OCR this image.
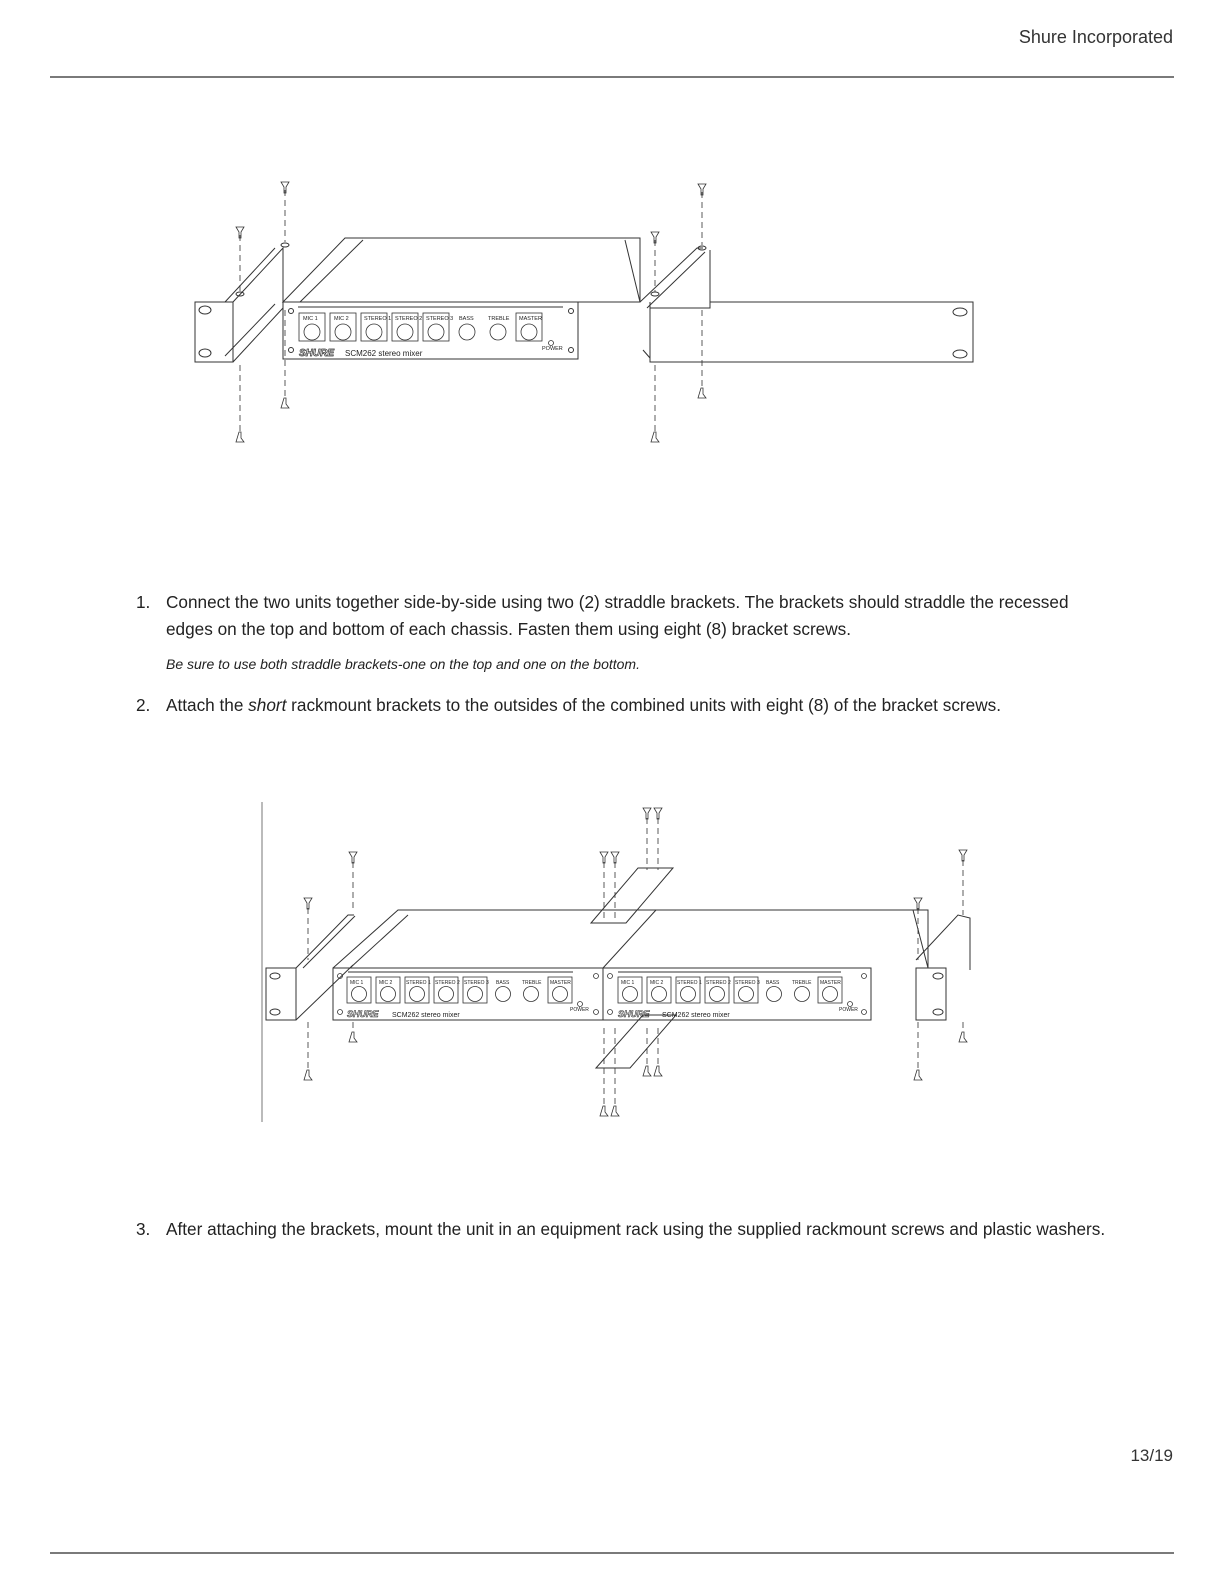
Shure Incorporated
MIC 1	MIC 2	STEREO 1 STEREO 2 STEREO 3 BASS	TREBLE MASTER
POWER
SHURE SCM262 stereo mixer
1. Connect the two units together side-by-side using two (2) straddle brackets. The brackets should straddle the recessed edges on the top and bottom of each chassis. Fasten them using eight (8) bracket screws.
Be sure to use both straddle brackets-one on the top and one on the bottom.
2. Attach the short rackmount brackets to the outsides of the combined units with eight (8) of the bracket screws.
MIC 1	MIC 2	STEREO 1 STEREO 2 STEREO 3 BASS	TREBLE MASTER
POWER
MIC 1	MIC 2	STEREO 1 STEREO 2 STEREO 3 BASS	TREBLE MASTER
POWER
SHURE SCM262 stereo mixer	SHURE SCM262 stereo mixer
3. After attaching the brackets, mount the unit in an equipment rack using the supplied rackmount screws and plastic washers.
13/19
